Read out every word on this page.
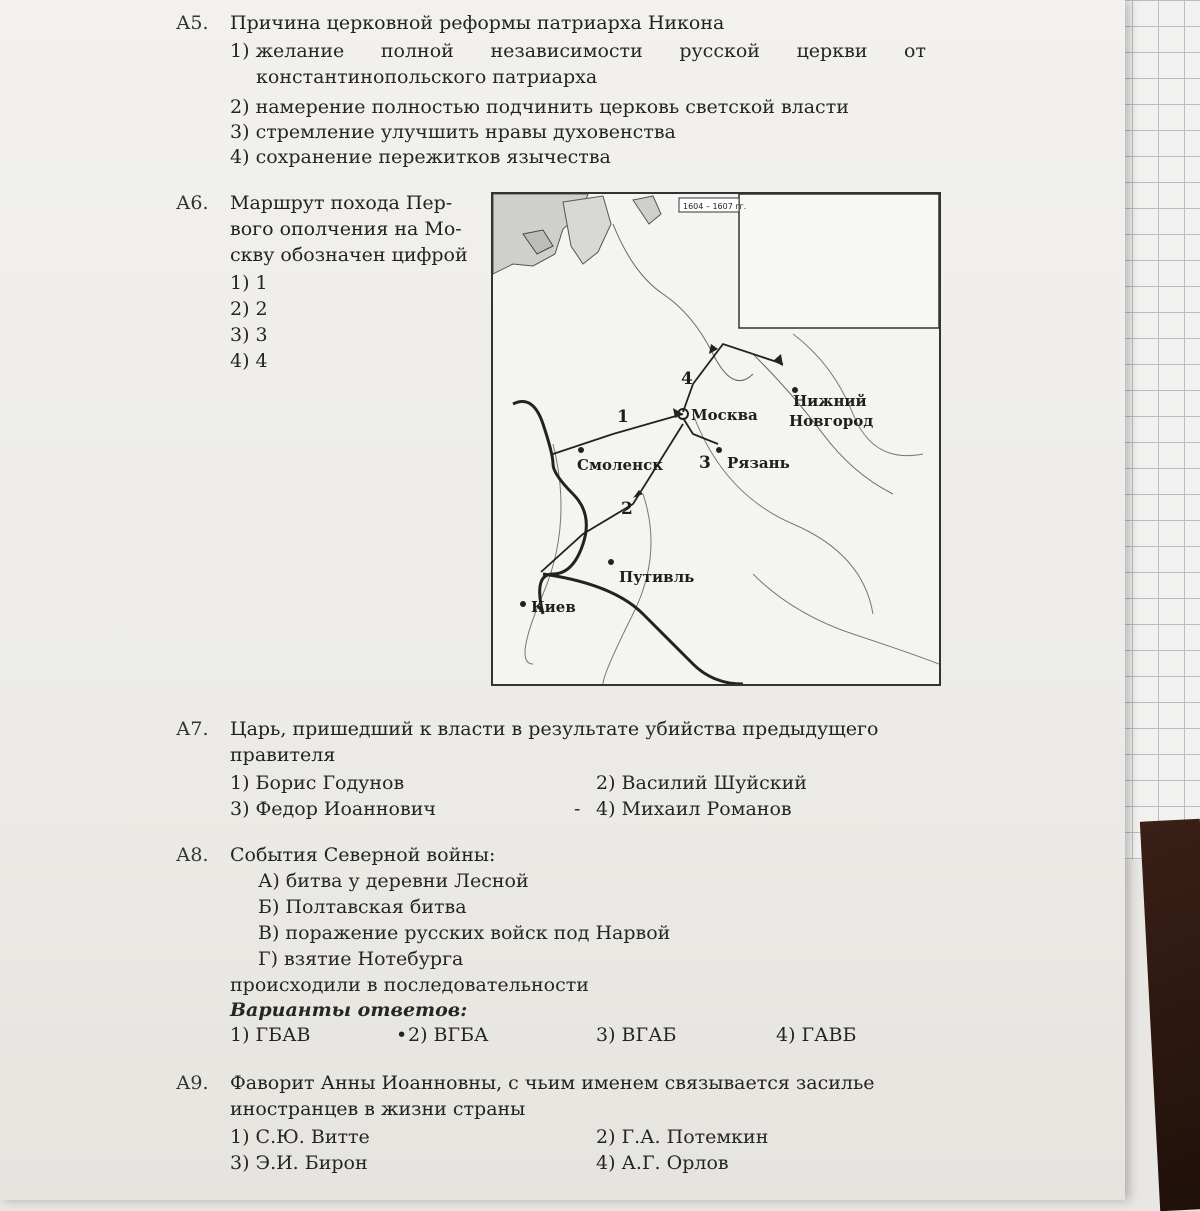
А5. Причина церковной реформы патриарха Никона
1) желание полной независимости русской церкви от
константинопольского патриарха
2) намерение полностью подчинить церковь светской власти
3) стремление улучшить нравы духовенства
4) сохранение пережитков язычества
А6. Маршрут похода Пер-
вого ополчения на Мо-
скву обозначен цифрой
1) 1
2) 2
3) 3
4) 4
1604 – 1607 гг.
Москва
Нижний
Новгород
Смоленск	Рязань
Путивль
Киев
1
2
3
4
А7. Царь, пришедший к власти в результате убийства предыдущего
правителя
1) Борис Годунов	2) Василий Шуйский
3) Федор Иоаннович	- 4) Михаил Романов
А8. События Северной войны:
А) битва у деревни Лесной
Б) Полтавская битва
В) поражение русских войск под Нарвой
Г) взятие Нотебурга
происходили в последовательности
Варианты ответов:
1) ГБАВ	• 2) ВГБА	3) ВГАБ	4) ГАВБ
А9. Фаворит Анны Иоанновны, с чьим именем связывается засилье
иностранцев в жизни страны
1) С.Ю. Витте	2) Г.А. Потемкин
3) Э.И. Бирон	4) А.Г. Орлов
